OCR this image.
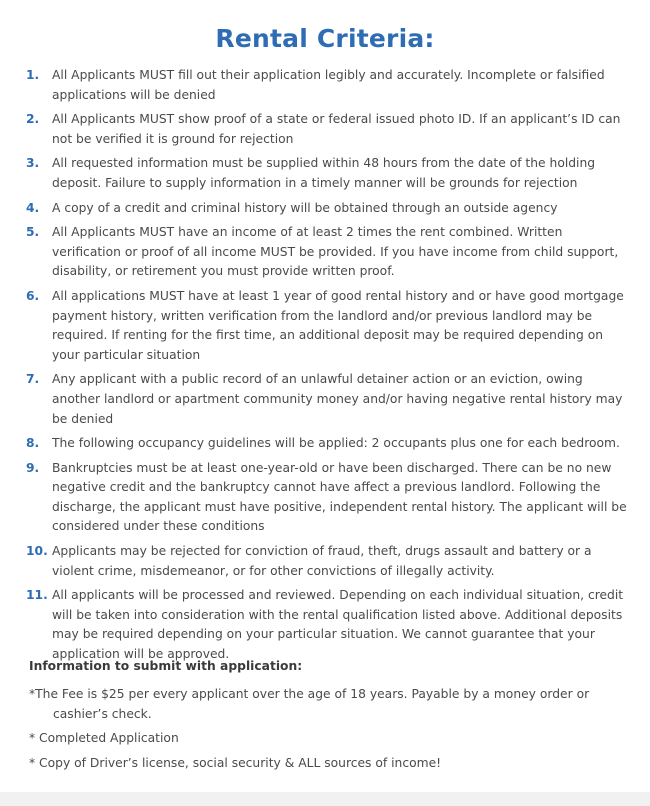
Rental Criteria:
1. All Applicants MUST fill out their application legibly and accurately. Incomplete or falsified applications will be denied
2. All Applicants MUST show proof of a state or federal issued photo ID. If an applicant’s ID can not be verified it is ground for rejection
3. All requested information must be supplied within 48 hours from the date of the holding deposit. Failure to supply information in a timely manner will be grounds for rejection
4. A copy of a credit and criminal history will be obtained through an outside agency
5. All Applicants MUST have an income of at least 2 times the rent combined. Written verification or proof of all income MUST be provided. If you have income from child support, disability, or retirement you must provide written proof.
6. All applications MUST have at least 1 year of good rental history and or have good mortgage payment history, written verification from the landlord and/or previous landlord may be required. If renting for the first time, an additional deposit may be required depending on your particular situation
7. Any applicant with a public record of an unlawful detainer action or an eviction, owing another landlord or apartment community money and/or having negative rental history may be denied
8. The following occupancy guidelines will be applied: 2 occupants plus one for each bedroom.
9. Bankruptcies must be at least one-year-old or have been discharged. There can be no new negative credit and the bankruptcy cannot have affect a previous landlord. Following the discharge, the applicant must have positive, independent rental history. The applicant will be considered under these conditions
10. Applicants may be rejected for conviction of fraud, theft, drugs assault and battery or a violent crime, misdemeanor, or for other convictions of illegally activity.
11. All applicants will be processed and reviewed. Depending on each individual situation, credit will be taken into consideration with the rental qualification listed above. Additional deposits may be required depending on your particular situation. We cannot guarantee that your application will be approved.
Information to submit with application:
*The Fee is $25 per every applicant over the age of 18 years. Payable by a money order or cashier’s check.
* Completed Application
* Copy of Driver’s license, social security & ALL sources of income!
